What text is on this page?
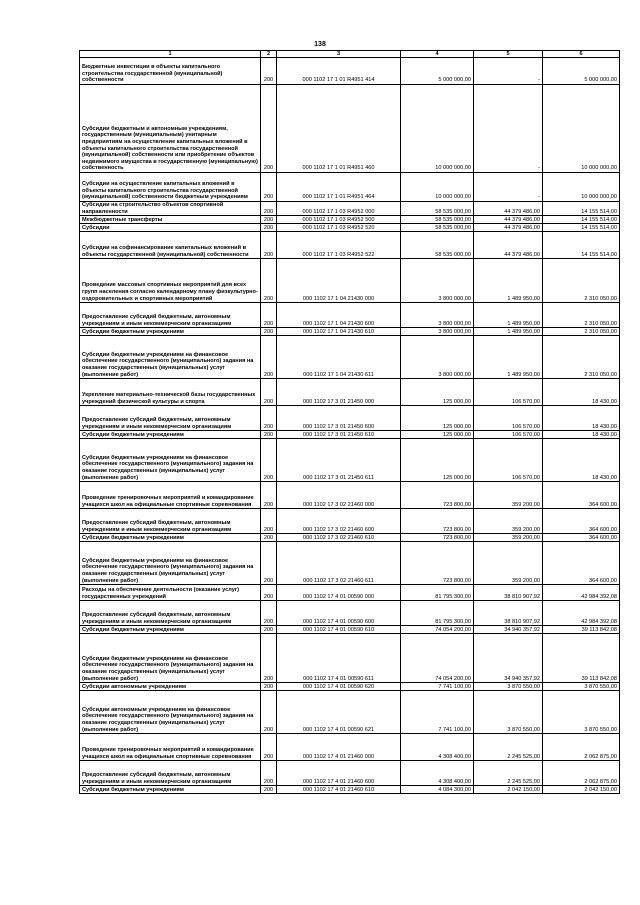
138
1	2	3	4	5	6
Бюджетные инвестиции в объекты капитального строительства государственной (муниципальной) собственности	200	000 1102 17 1 01 R4951 414	5 000 000,00	-	5 000 000,00
Субсидии бюджетным и автономным учреждениям, государственным (муниципальным) унитарным предприятиям на осуществление капитальных вложений в объекты капитального строительства государственной (муниципальной) собственности или приобретение объектов недвижимого имущества в государственную (муниципальную) собственность	200	000 1102 17 1 01 R4951 460	10 000 000,00	-	10 000 000,00
Субсидии на осуществление капитальных вложений в объекты капитального строительства государственной (муниципальной) собственности бюджетным учреждениям	200	000 1102 17 1 01 R4951 464	10 000 000,00	-	10 000 000,00
Субсидии на строительство объектов спортивной направленности	200	000 1102 17 1 03 R4952 000	58 535 000,00	44 379 486,00	14 155 514,00
Межбюджетные трансферты	200	000 1102 17 1 03 R4952 500	58 535 000,00	44 379 486,00	14 155 514,00
Субсидии	200	000 1102 17 1 03 R4952 520	58 535 000,00	44 379 486,00	14 155 514,00
Субсидии на софинансирование капитальных вложений в объекты государственной (муниципальной) собственности	200	000 1102 17 1 03 R4952 522	58 535 000,00	44 379 486,00	14 155 514,00
Проведение массовых спортивных мероприятий для всех групп населения согласно календарному плану физкультурно-оздоровительных и спортивных мероприятий	200	000 1102 17 1 04 21430 000	3 800 000,00	1 489 950,00	2 310 050,00
Предоставление субсидий бюджетным, автономным учреждениям и иным некоммерческим организациям	200	000 1102 17 1 04 21430 600	3 800 000,00	1 489 950,00	2 310 050,00
Субсидии бюджетным учреждениям	200	000 1102 17 1 04 21430 610	3 800 000,00	1 489 950,00	2 310 050,00
Субсидии бюджетным учреждениям на финансовое обеспечение государственного (муниципального) задания на оказание государственных (муниципальных) услуг (выполнение работ)	200	000 1102 17 1 04 21430 611	3 800 000,00	1 489 950,00	2 310 050,00
Укрепление материально-технической базы государственных учреждений физической культуры и спорта	200	000 1102 17 3 01 21450 000	125 000,00	106 570,00	18 430,00
Предоставление субсидий бюджетным, автономным учреждениям и иным некоммерческим организациям	200	000 1102 17 3 01 21450 600	125 000,00	106 570,00	18 430,00
Субсидии бюджетным учреждениям	200	000 1102 17 3 01 21450 610	125 000,00	106 570,00	18 430,00
Субсидии бюджетным учреждениям на финансовое обеспечение государственного (муниципального) задания на оказание государственных (муниципальных) услуг (выполнение работ)	200	000 1102 17 3 01 21450 611	125 000,00	106 570,00	18 430,00
Проведение тренировочных мероприятий и командирование учащихся школ на официальные спортивные соревнования	200	000 1102 17 3 02 21460 000	723 800,00	359 200,00	364 600,00
Предоставление субсидий бюджетным, автономным учреждениям и иным некоммерческим организациям	200	000 1102 17 3 02 21460 600	723 800,00	359 200,00	364 600,00
Субсидии бюджетным учреждениям	200	000 1102 17 3 02 21460 610	723 800,00	359 200,00	364 600,00
Субсидии бюджетным учреждениям на финансовое обеспечение государственного (муниципального) задания на оказание государственных (муниципальных) услуг (выполнение работ)	200	000 1102 17 3 02 21460 611	723 800,00	359 200,00	364 600,00
Расходы на обеспечение деятельности (оказание услуг) государственных учреждений	200	000 1102 17 4 01 00590 000	81 795 300,00	38 810 907,92	42 984 392,08
Предоставление субсидий бюджетным, автономным учреждениям и иным некоммерческим организациям	200	000 1102 17 4 01 00590 600	81 795 300,00	38 810 907,92	42 984 392,08
Субсидии бюджетным учреждениям	200	000 1102 17 4 01 00590 610	74 054 200,00	34 940 357,92	39 113 842,08
Субсидии бюджетным учреждениям на финансовое обеспечение государственного (муниципального) задания на оказание государственных (муниципальных) услуг (выполнение работ)	200	000 1102 17 4 01 00590 611	74 054 200,00	34 940 357,92	39 113 842,08
Субсидии автономным учреждениям	200	000 1102 17 4 01 00590 620	7 741 100,00	3 870 550,00	3 870 550,00
Субсидии автономным учреждениям на финансовое обеспечение государственного (муниципального) задания на оказание государственных (муниципальных) услуг (выполнение работ)	200	000 1102 17 4 01 00590 621	7 741 100,00	3 870 550,00	3 870 550,00
Проведение тренировочных мероприятий и командирование учащихся школ на официальные спортивные соревнования	200	000 1102 17 4 01 21460 000	4 308 400,00	2 245 525,00	2 062 875,00
Предоставление субсидий бюджетным, автономным учреждениям и иным некоммерческим организациям	200	000 1102 17 4 01 21460 600	4 308 400,00	2 245 525,00	2 062 875,00
Субсидии бюджетным учреждениям	200	000 1102 17 4 01 21460 610	4 084 300,00	2 042 150,00	2 042 150,00
